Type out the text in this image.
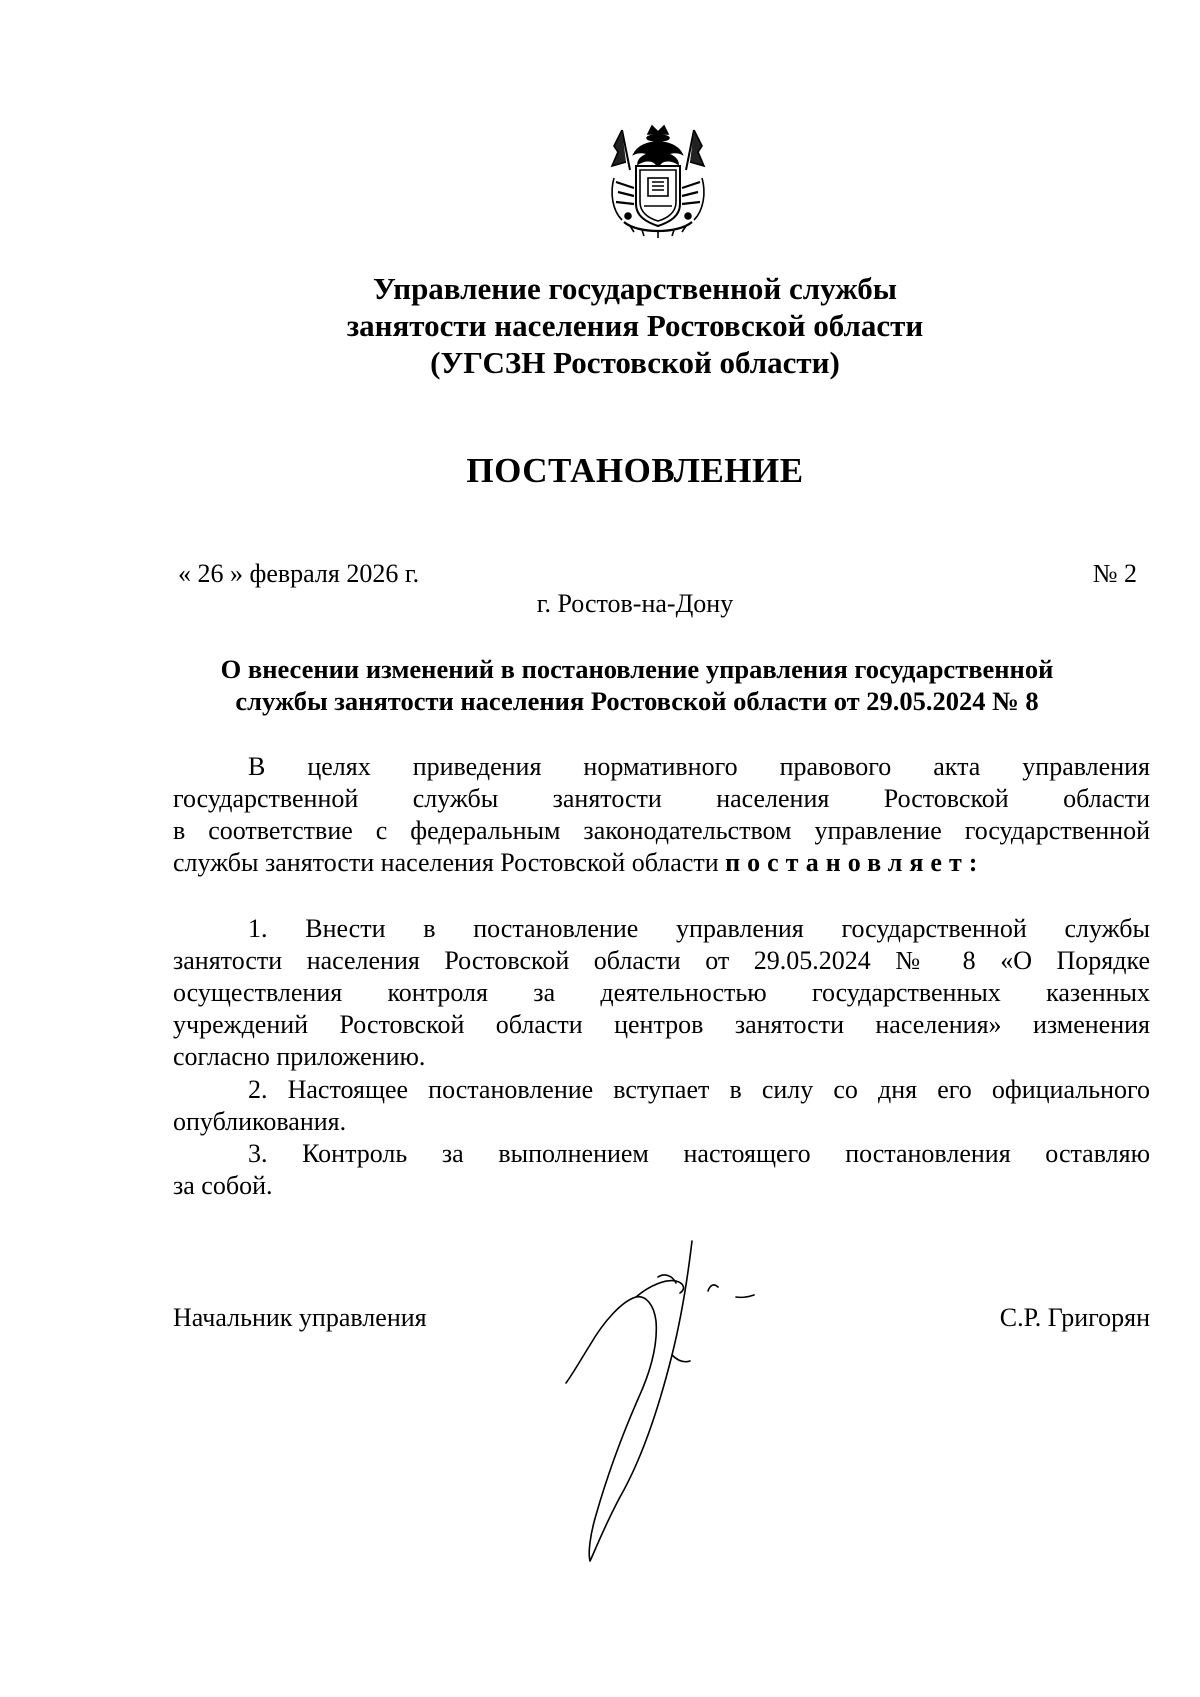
Управление государственной службы
занятости населения Ростовской области
(УГСЗН Ростовской области)
ПОСТАНОВЛЕНИЕ
« 26 » февраля 2026 г.	№ 2
г. Ростов-на-Дону
О внесении изменений в постановление управления государственной
службы занятости населения Ростовской области от 29.05.2024 № 8
В целях приведения нормативного правового акта управления
государственной службы занятости населения Ростовской области
в соответствие с федеральным законодательством управление государственной
службы занятости населения Ростовской области постановляет:
1. Внести в постановление управления государственной службы
занятости населения Ростовской области от 29.05.2024 № 8 «О Порядке
осуществления контроля за деятельностью государственных казенных
учреждений Ростовской области центров занятости населения» изменения
согласно приложению.
2. Настоящее постановление вступает в силу со дня его официального
опубликования.
3. Контроль за выполнением настоящего постановления оставляю
за собой.
Начальник управления	С.Р. Григорян
